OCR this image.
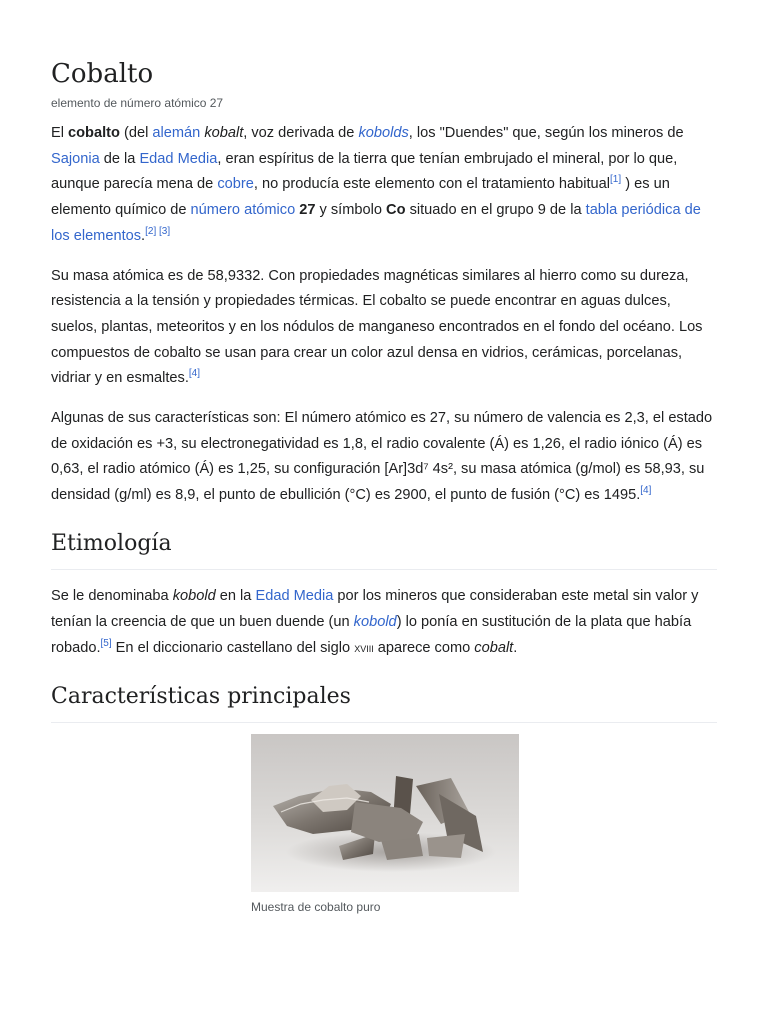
Cobalto
elemento de número atómico 27

El cobalto (del alemán kobalt, voz derivada de kobolds, los "Duendes" que, según los mineros de Sajonia de la Edad Media, eran espíritus de la tierra que tenían embrujado el mineral, por lo que, aunque parecía mena de cobre, no producía este elemento con el tratamiento habitual[1] ) es un elemento químico de número atómico 27 y símbolo Co situado en el grupo 9 de la tabla periódica de los elementos.[2] [3]

Su masa atómica es de 58,9332. Con propiedades magnéticas similares al hierro como su dureza, resistencia a la tensión y propiedades térmicas. El cobalto se puede encontrar en aguas dulces, suelos, plantas, meteoritos y en los nódulos de manganeso encontrados en el fondo del océano. Los compuestos de cobalto se usan para crear un color azul densa en vidrios, cerámicas, porcelanas, vidriar y en esmaltes.[4]

Algunas de sus características son: El número atómico es 27, su número de valencia es 2,3, el estado de oxidación es +3, su electronegatividad es 1,8, el radio covalente (Á) es 1,26, el radio iónico (Á) es 0,63, el radio atómico (Á) es 1,25, su configuración [Ar]3d⁷ 4s², su masa atómica (g/mol) es 58,93, su densidad (g/ml) es 8,9, el punto de ebullición (°C) es 2900, el punto de fusión (°C) es 1495.[4]

Etimología

Se le denominaba kobold en la Edad Media por los mineros que consideraban este metal sin valor y tenían la creencia de que un buen duende (un kobold) lo ponía en sustitución de la plata que había robado.[5] En el diccionario castellano del siglo xviii aparece como cobalt.

Características principales
Muestra de cobalto puro
